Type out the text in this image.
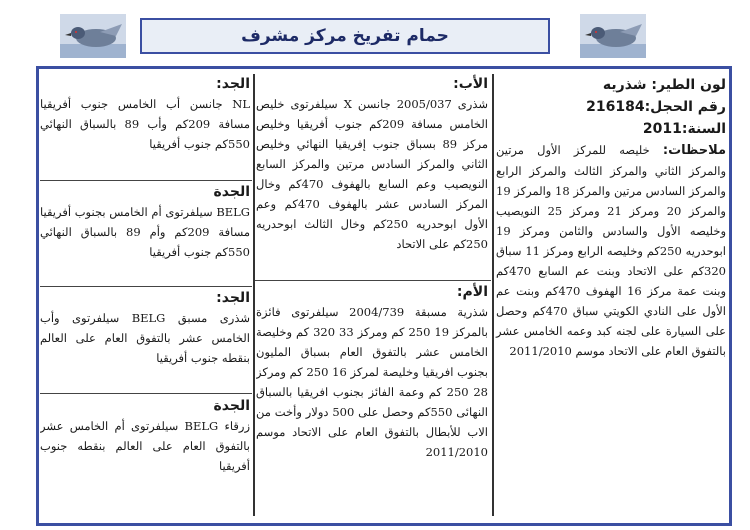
حمام تفريخ مركز مشرف

لون الطير: شذريه

رقم الحجل:216184

السنة:2011

ملاحظات: خليصه للمركز الأول مرتين والمركز الثاني والمركز الثالث والمركز الرابع والمركز السادس مرتين والمركز 18 والمركز 19 والمركز 20 ومركز 21 ومركز 25 النويصيب وخليصه الأول والسادس والثامن ومركز 19 ابوحدريه 250كم وخليصه الرابع ومركز 11 سباق 320كم على الاتحاد وبنت عم السابع 470كم وبنت عمة مركز 16 الهفوف 470كم وبنت عم الأول على النادي الكويتي سباق 470كم وحصل على السيارة على لجنه كبد وعمه الخامس عشر بالتفوق العام على الاتحاد موسم 2011/2010

الأب:

شذرى 2005/037 جانسن X سيلفرتوى خليص الخامس مسافة 209كم جنوب أفريقيا وخليص مركز 89 بسباق جنوب إفريقيا النهائي وخليص الثاني والمركز السادس مرتين والمركز السابع النويصيب وعم السابع بالهفوف 470كم وخال المركز السادس عشر بالهفوف 470كم وعم الأول ابوحدريه 250كم وخال الثالث ابوحدريه 250كم على الاتحاد

الأم:

شذرية مسبقة 2004/739 سيلفرتوى فائزة بالمركز 19 250 كم ومركز 33 320 كم وخليصة الخامس عشر بالتفوق العام بسباق المليون بجنوب افريقيا وخليصة لمركز 16 250 كم ومركز 28 250 كم وعمة الفائز بجنوب افريقيا بالسباق النهائى 550كم وحصل على 500 دولار وأخت من الاب للأبطال بالتفوق العام على الاتحاد موسم 2011/2010

الجد:

NL جانسن أب الخامس جنوب أفريقيا مسافة 209كم وأب 89 بالسباق النهائي 550كم جنوب أفريقيا

الجدة

BELG سيلفرتوى أم الخامس بجنوب أفريقيا مسافة 209كم وأم 89 بالسباق النهائي 550كم جنوب أفريقيا

الجد:

شذرى مسبق BELG سيلفرتوى وأب الخامس عشر بالتفوق العام على العالم بنقطه جنوب أفريقيا

الجدة

زرقاء BELG سيلفرتوى أم الخامس عشر بالتفوق العام على العالم بنقطه جنوب أفريقيا
